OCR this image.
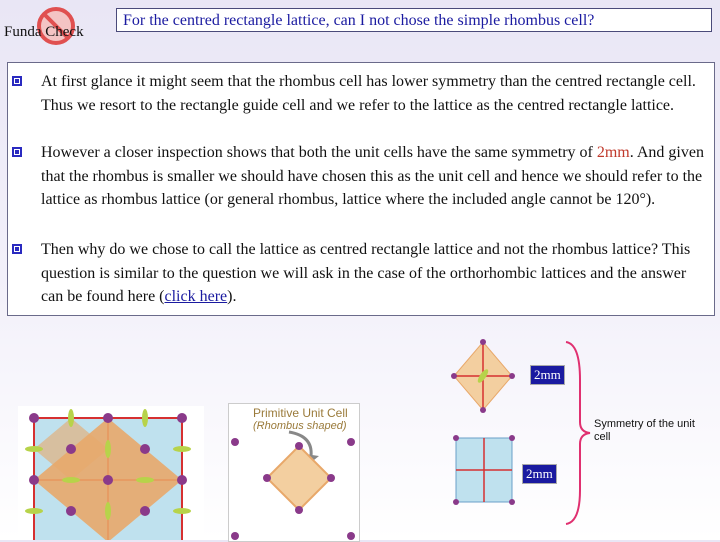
Funda Check
For the centred rectangle lattice, can I not chose the simple rhombus cell?
At first glance it might seem that the rhombus cell has lower symmetry than the centred rectangle cell. Thus we resort to the rectangle guide cell and we refer to the lattice as the centred rectangle lattice.
However a closer inspection shows that both the unit cells have the same symmetry of 2mm. And given that the rhombus is smaller we should have chosen this as the unit cell and hence we should refer to the lattice as rhombus lattice (or general rhombus, lattice where the included angle cannot be 120°).
Then why do we chose to call the lattice as centred rectangle lattice and not the rhombus lattice? This question is similar to the question we will ask in the case of the orthorhombic lattices and the answer can be found here (click here).
Primitive Unit Cell
(Rhombus shaped)
2mm
2mm
Symmetry of the unit cell
